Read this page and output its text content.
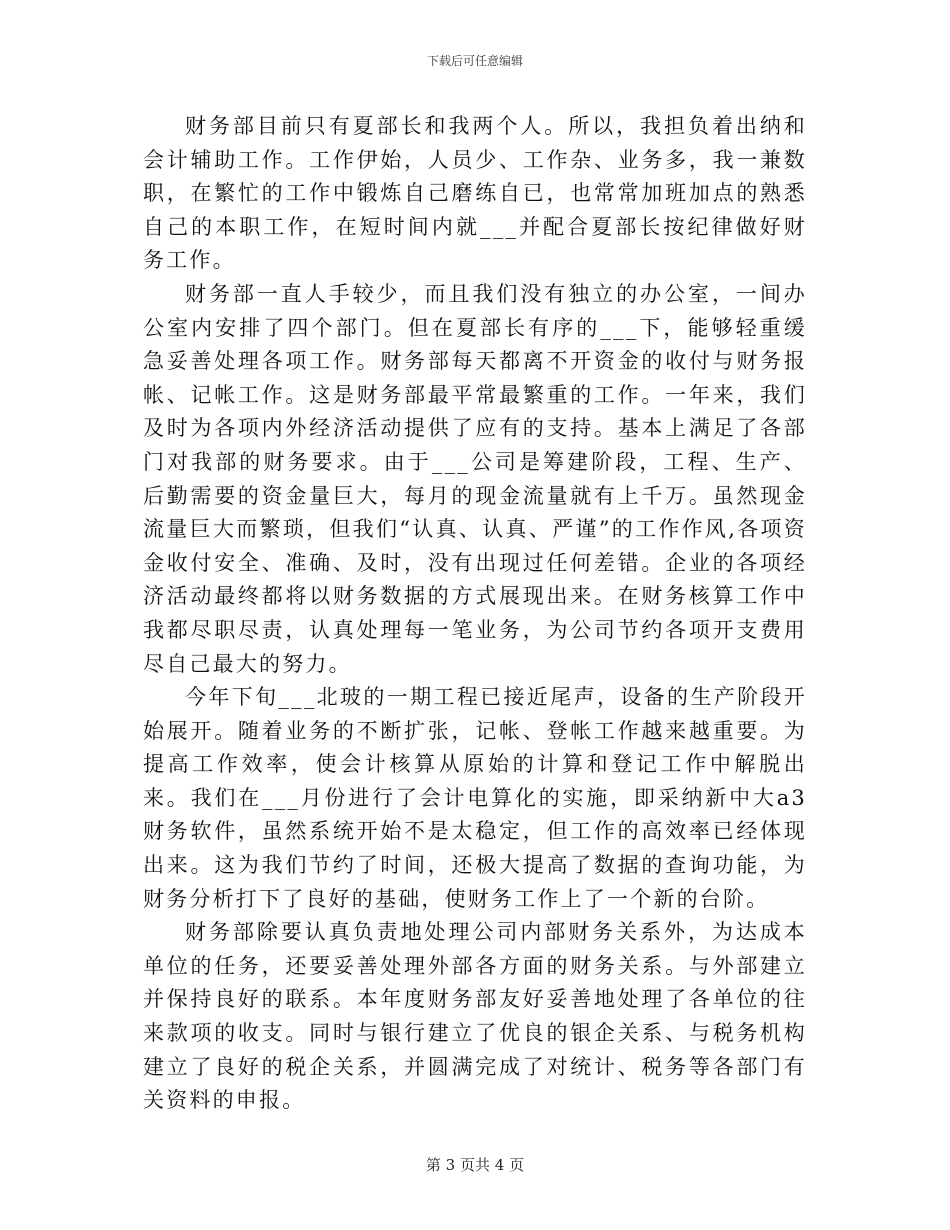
下载后可任意编辑

财务部目前只有夏部长和我两个人。所以，我担负着出纳和会计辅助工作。工作伊始，人员少、工作杂、业务多，我一兼数职，在繁忙的工作中锻炼自己磨练自已，也常常加班加点的熟悉自己的本职工作，在短时间内就___并配合夏部长按纪律做好财务工作。

财务部一直人手较少，而且我们没有独立的办公室，一间办公室内安排了四个部门。但在夏部长有序的___下，能够轻重缓急妥善处理各项工作。财务部每天都离不开资金的收付与财务报帐、记帐工作。这是财务部最平常最繁重的工作。一年来，我们及时为各项内外经济活动提供了应有的支持。基本上满足了各部门对我部的财务要求。由于___公司是筹建阶段，工程、生产、后勤需要的资金量巨大，每月的现金流量就有上千万。虽然现金流量巨大而繁琐，但我们“认真、认真、严谨”的工作作风,各项资金收付安全、准确、及时，没有出现过任何差错。企业的各项经济活动最终都将以财务数据的方式展现出来。在财务核算工作中我都尽职尽责，认真处理每一笔业务，为公司节约各项开支费用尽自己最大的努力。

今年下旬___北玻的一期工程已接近尾声，设备的生产阶段开始展开。随着业务的不断扩张，记帐、登帐工作越来越重要。为提高工作效率，使会计核算从原始的计算和登记工作中解脱出来。我们在___月份进行了会计电算化的实施，即采纳新中大a3财务软件，虽然系统开始不是太稳定，但工作的高效率已经体现出来。这为我们节约了时间，还极大提高了数据的查询功能，为财务分析打下了良好的基础，使财务工作上了一个新的台阶。

财务部除要认真负责地处理公司内部财务关系外，为达成本单位的任务，还要妥善处理外部各方面的财务关系。与外部建立并保持良好的联系。本年度财务部友好妥善地处理了各单位的往来款项的收支。同时与银行建立了优良的银企关系、与税务机构建立了良好的税企关系，并圆满完成了对统计、税务等各部门有关资料的申报。

第 3 页共 4 页
